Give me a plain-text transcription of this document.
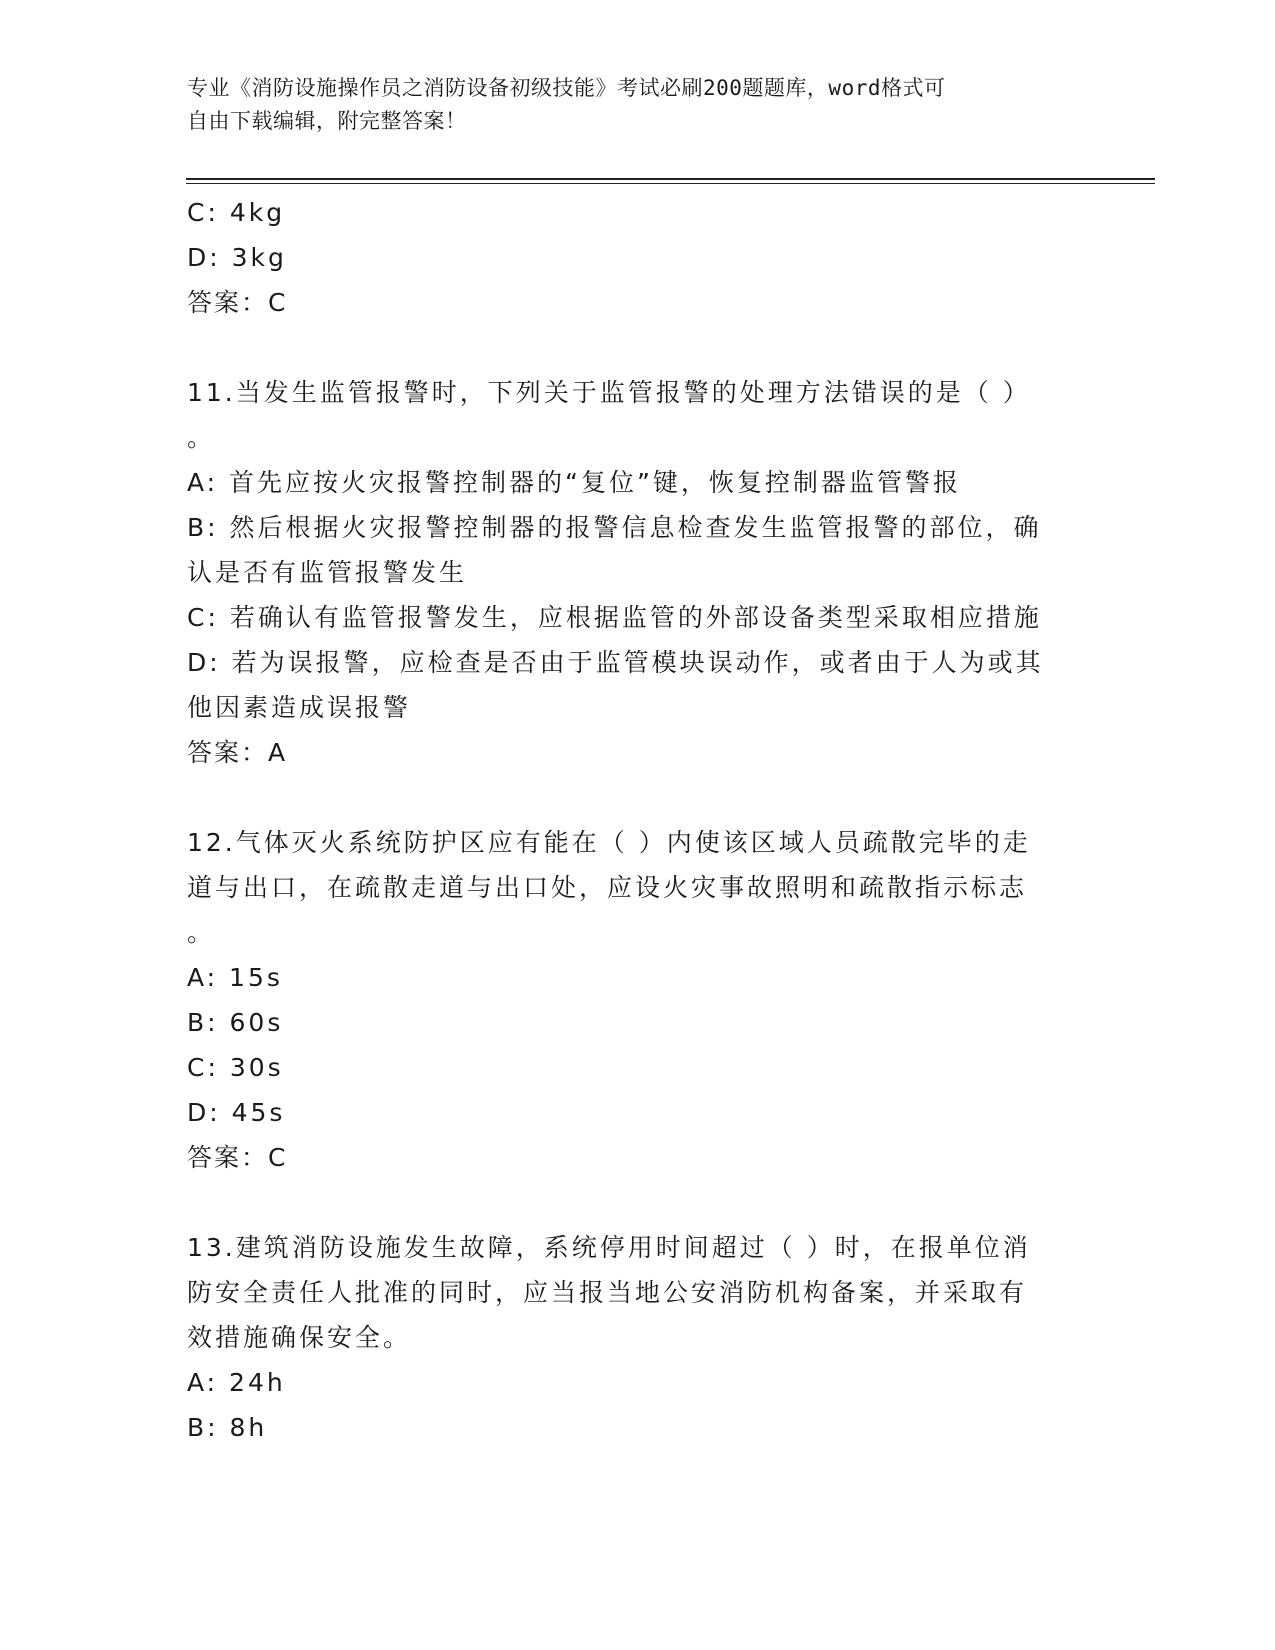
专业《消防设施操作员之消防设备初级技能》考试必刷200题题库，word格式可
自由下载编辑，附完整答案！
C: 4kg
D: 3kg
答案：C
11.当发生监管报警时，下列关于监管报警的处理方法错误的是（ ）
。
A: 首先应按火灾报警控制器的“复位”键，恢复控制器监管警报
B: 然后根据火灾报警控制器的报警信息检查发生监管报警的部位，确
认是否有监管报警发生
C: 若确认有监管报警发生，应根据监管的外部设备类型采取相应措施
D: 若为误报警，应检查是否由于监管模块误动作，或者由于人为或其
他因素造成误报警
答案：A
12.气体灭火系统防护区应有能在（ ）内使该区域人员疏散完毕的走
道与出口，在疏散走道与出口处，应设火灾事故照明和疏散指示标志
。
A: 15s
B: 60s
C: 30s
D: 45s
答案：C
13.建筑消防设施发生故障，系统停用时间超过（ ）时，在报单位消
防安全责任人批准的同时，应当报当地公安消防机构备案，并采取有
效措施确保安全。
A: 24h
B: 8h
